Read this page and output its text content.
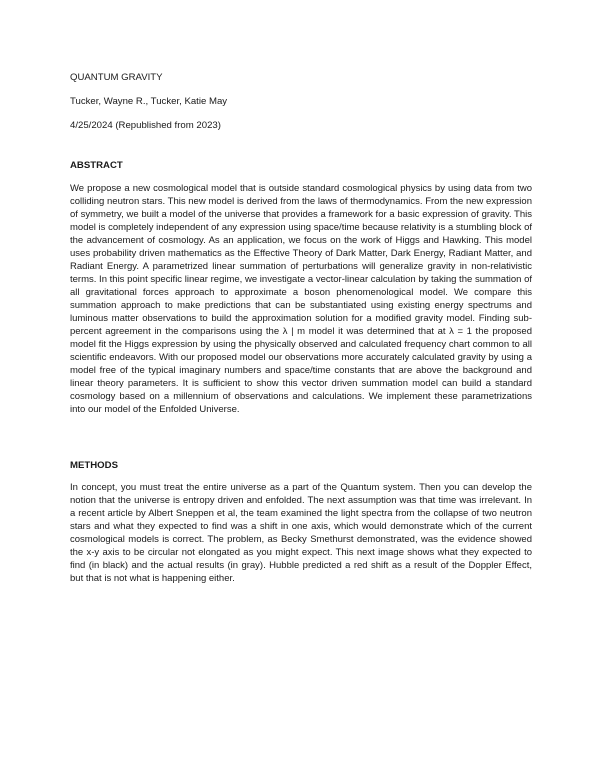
QUANTUM GRAVITY
Tucker, Wayne R., Tucker, Katie May
4/25/2024 (Republished from 2023)
ABSTRACT
We propose a new cosmological model that is outside standard cosmological physics by using data from two colliding neutron stars. This new model is derived from the laws of thermodynamics. From the new expression of symmetry, we built a model of the universe that provides a framework for a basic expression of gravity. This model is completely independent of any expression using space/time because relativity is a stumbling block of the advancement of cosmology. As an application, we focus on the work of Higgs and Hawking. This model uses probability driven mathematics as the Effective Theory of Dark Matter, Dark Energy, Radiant Matter, and Radiant Energy. A parametrized linear summation of perturbations will generalize gravity in non-relativistic terms. In this point specific linear regime, we investigate a vector-linear calculation by taking the summation of all gravitational forces approach to approximate a boson phenomenological model. We compare this summation approach to make predictions that can be substantiated using existing energy spectrums and luminous matter observations to build the approximation solution for a modified gravity model. Finding sub-percent agreement in the comparisons using the λ | m model it was determined that at λ = 1 the proposed model fit the Higgs expression by using the physically observed and calculated frequency chart common to all scientific endeavors. With our proposed model our observations more accurately calculated gravity by using a model free of the typical imaginary numbers and space/time constants that are above the background and linear theory parameters. It is sufficient to show this vector driven summation model can build a standard cosmology based on a millennium of observations and calculations. We implement these parametrizations into our model of the Enfolded Universe.
METHODS
In concept, you must treat the entire universe as a part of the Quantum system. Then you can develop the notion that the universe is entropy driven and enfolded. The next assumption was that time was irrelevant. In a recent article by Albert Sneppen et al, the team examined the light spectra from the collapse of two neutron stars and what they expected to find was a shift in one axis, which would demonstrate which of the current cosmological models is correct. The problem, as Becky Smethurst demonstrated, was the evidence showed the x-y axis to be circular not elongated as you might expect. This next image shows what they expected to find (in black) and the actual results (in gray). Hubble predicted a red shift as a result of the Doppler Effect, but that is not what is happening either.
